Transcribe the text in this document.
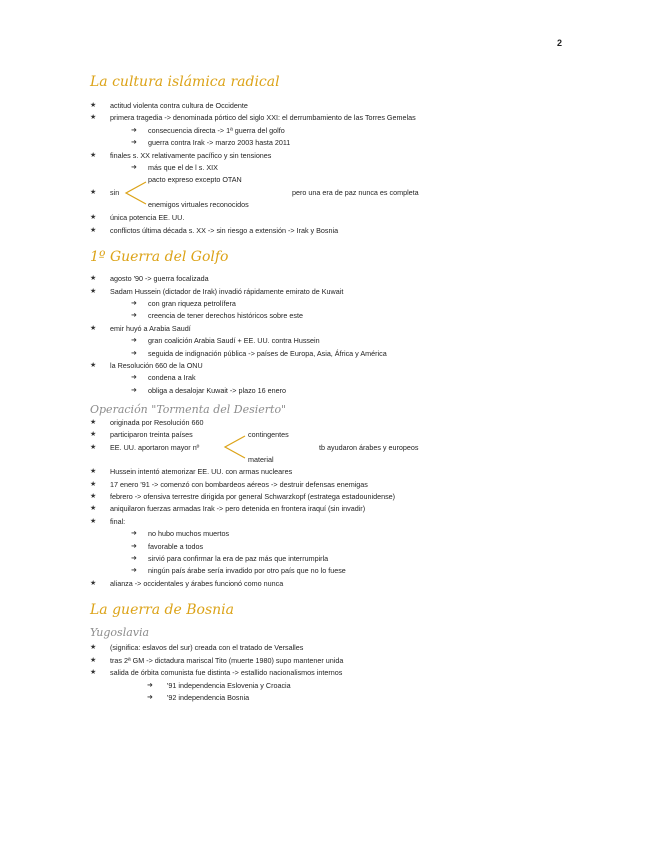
2
La cultura islámica radical
★ actitud violenta contra cultura de Occidente
★ primera tragedia -> denominada pórtico del siglo XXI: el derrumbamiento de las Torres Gemelas
➜ consecuencia directa -> 1ª guerra del golfo
➜ guerra contra Irak -> marzo 2003 hasta 2011
★ finales s. XX relativamente pacífico y sin tensiones
➜ más que el de l s. XIX
pacto expreso excepto OTAN
★ sin	pero una era de paz nunca es completa
enemigos virtuales reconocidos
★ única potencia EE. UU.
★ conflictos última década s. XX -> sin riesgo a extensión -> Irak y Bosnia
1º Guerra del Golfo
★ agosto '90 -> guerra focalizada
★ Sadam Hussein (dictador de Irak) invadió rápidamente emirato de Kuwait
➜ con gran riqueza petrolífera
➜ creencia de tener derechos históricos sobre este
★ emir huyó a Arabia Saudí
➜ gran coalición Arabia Saudí + EE. UU. contra Hussein
➜ seguida de indignación pública -> países de Europa, Asia, África y América
★ la Resolución 660 de la ONU
➜ condena a Irak
➜ obliga a desalojar Kuwait -> plazo 16 enero
Operación "Tormenta del Desierto"
★ originada por Resolución 660
★ participaron treinta países	contingentes
★ EE. UU. aportaron mayor nº	tb ayudaron árabes y europeos
material
★ Hussein intentó atemorizar EE. UU. con armas nucleares
★ 17 enero '91 -> comenzó con bombardeos aéreos -> destruir defensas enemigas
★ febrero -> ofensiva terrestre dirigida por general Schwarzkopf (estratega estadounidense)
★ aniquilaron fuerzas armadas Irak -> pero detenida en frontera iraquí (sin invadir)
★ final:
➜ no hubo muchos muertos
➜ favorable a todos
➜ sirvió para confirmar la era de paz más que interrumpirla
➜ ningún país árabe sería invadido por otro país que no lo fuese
★ alianza -> occidentales y árabes funcionó como nunca
La guerra de Bosnia
Yugoslavia
★ (significa: eslavos del sur) creada con el tratado de Versalles
★ tras 2ª GM -> dictadura mariscal Tito (muerte 1980) supo mantener unida
★ salida de órbita comunista fue distinta -> estallido nacionalismos internos
➜ '91 independencia Eslovenia y Croacia
➜ '92 independencia Bosnia
